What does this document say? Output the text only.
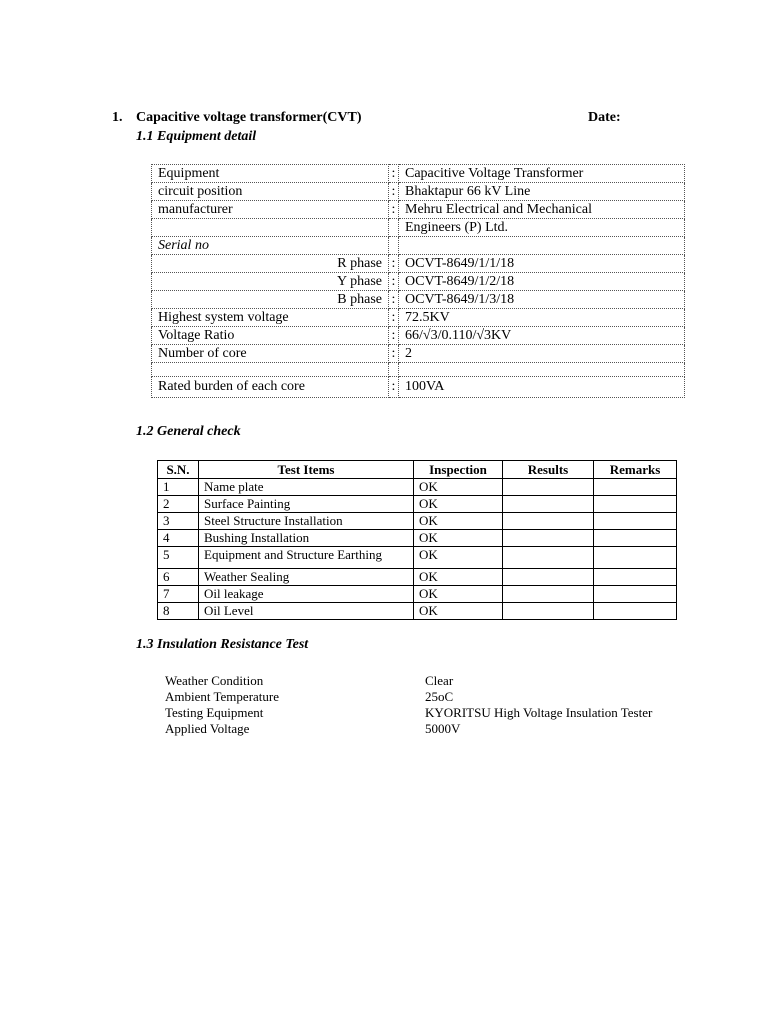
1. Capacitive voltage transformer(CVT)	Date:
1.1 Equipment detail
Equipment	:	Capacitive Voltage Transformer
circuit position	:	Bhaktapur 66 kV Line
manufacturer	:	Mehru Electrical and Mechanical
		Engineers (P) Ltd.
Serial no		
R phase	:	OCVT-8649/1/1/18
Y phase	:	OCVT-8649/1/2/18
B phase	:	OCVT-8649/1/3/18
Highest system voltage	:	72.5KV
Voltage Ratio	:	66/√3/0.110/√3KV
Number of core	:	2

Rated burden of each core	:	100VA
1.2 General check
S.N.	Test Items	Inspection	Results	Remarks
1	Name plate	OK		
2	Surface Painting	OK		
3	Steel Structure Installation	OK		
4	Bushing Installation	OK		
5	Equipment and Structure Earthing	OK		
6	Weather Sealing	OK		
7	Oil leakage	OK		
8	Oil Level	OK		
1.3 Insulation Resistance Test
Weather Condition	Clear
Ambient Temperature	25oC
Testing Equipment	KYORITSU High Voltage Insulation Tester
Applied Voltage	5000V
